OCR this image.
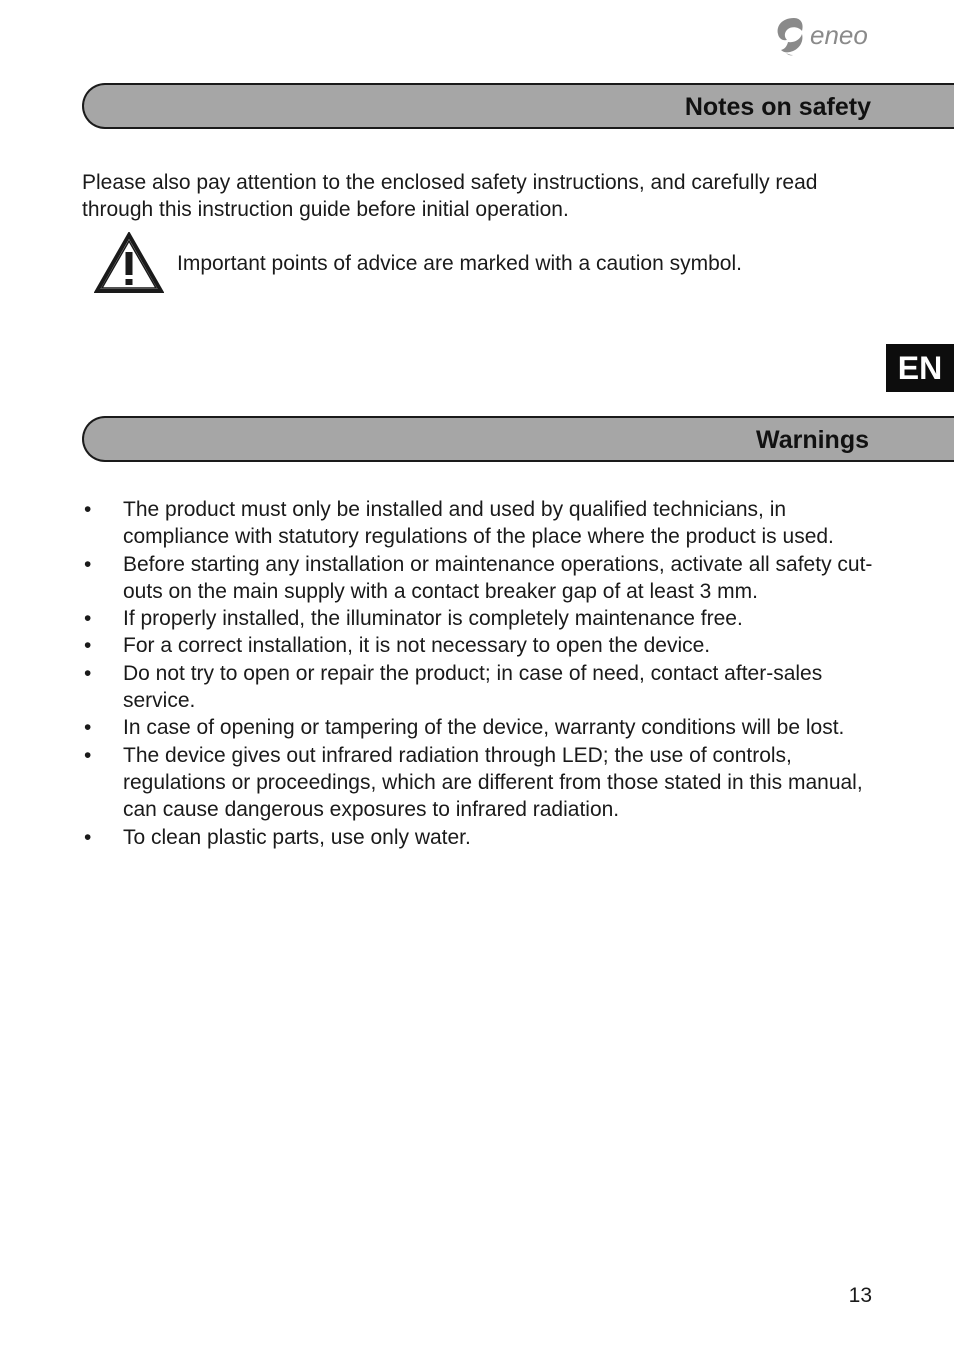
eneo
Notes on safety

Please also pay attention to the enclosed safety instructions, and carefully read through this instruction guide before initial operation.

Important points of advice are marked with a caution symbol.
EN
Warnings
• The product must only be installed and used by qualified technicians, in compliance with statutory regulations of the place where the product is used.
• Before starting any installation or maintenance operations, activate all safety cut-outs on the main supply with a contact breaker gap of at least 3 mm.
• If properly installed, the illuminator is completely maintenance free.
• For a correct installation, it is not necessary to open the device.
• Do not try to open or repair the product; in case of need, contact after-sales service.
• In case of opening or tampering of the device, warranty conditions will be lost.
• The device gives out infrared radiation through LED; the use of controls, regulations or proceedings, which are different from those stated in this manual, can cause dangerous exposures to infrared radiation.
• To clean plastic parts, use only water.
13
